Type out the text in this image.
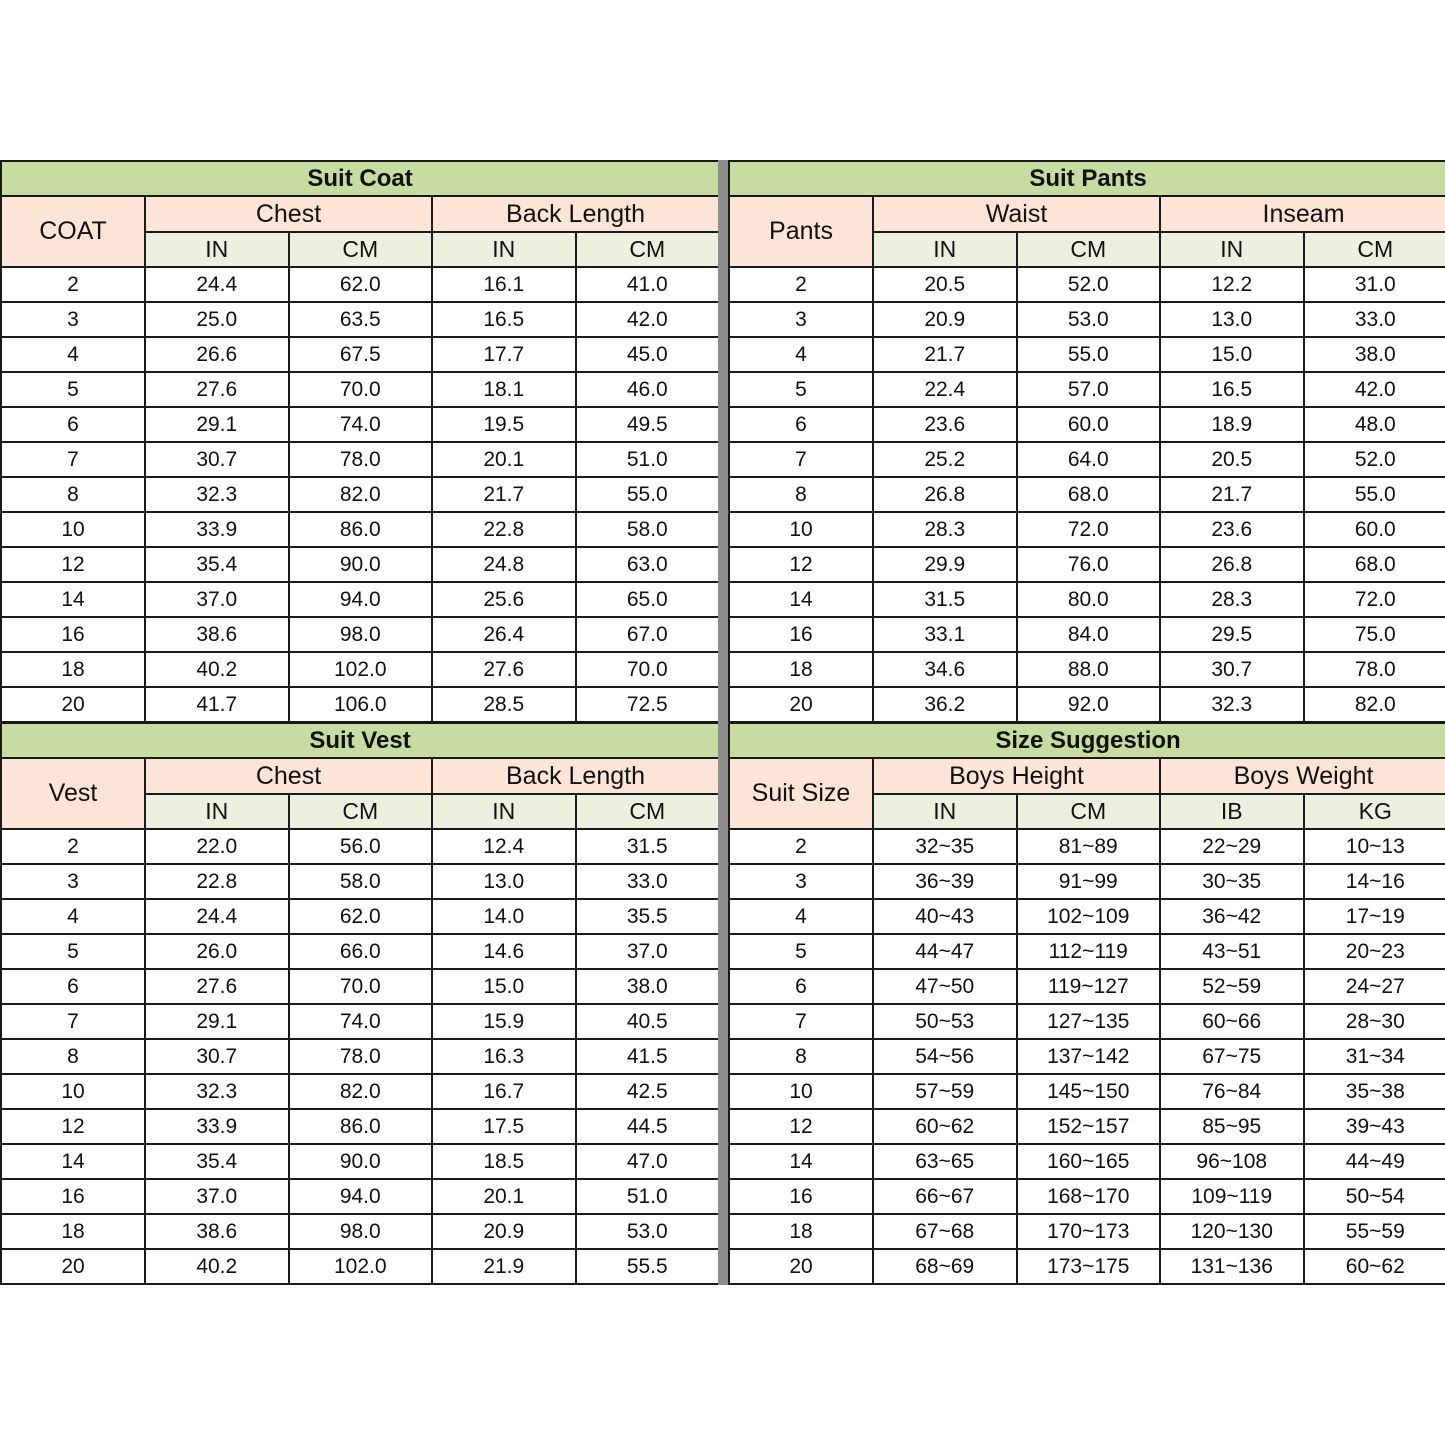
Suit Coat				
COAT	Chest		Back Length	
	IN	CM	IN	CM
2	24.4	62.0	16.1	41.0
3	25.0	63.5	16.5	42.0
4	26.6	67.5	17.7	45.0
5	27.6	70.0	18.1	46.0
6	29.1	74.0	19.5	49.5
7	30.7	78.0	20.1	51.0
8	32.3	82.0	21.7	55.0
10	33.9	86.0	22.8	58.0
12	35.4	90.0	24.8	63.0
14	37.0	94.0	25.6	65.0
16	38.6	98.0	26.4	67.0
18	40.2	102.0	27.6	70.0
20	41.7	106.0	28.5	72.5
Suit Pants				
Pants	Waist		Inseam	
	IN	CM	IN	CM
2	20.5	52.0	12.2	31.0
3	20.9	53.0	13.0	33.0
4	21.7	55.0	15.0	38.0
5	22.4	57.0	16.5	42.0
6	23.6	60.0	18.9	48.0
7	25.2	64.0	20.5	52.0
8	26.8	68.0	21.7	55.0
10	28.3	72.0	23.6	60.0
12	29.9	76.0	26.8	68.0
14	31.5	80.0	28.3	72.0
16	33.1	84.0	29.5	75.0
18	34.6	88.0	30.7	78.0
20	36.2	92.0	32.3	82.0
Suit Vest				
Vest	Chest		Back Length	
	IN	CM	IN	CM
2	22.0	56.0	12.4	31.5
3	22.8	58.0	13.0	33.0
4	24.4	62.0	14.0	35.5
5	26.0	66.0	14.6	37.0
6	27.6	70.0	15.0	38.0
7	29.1	74.0	15.9	40.5
8	30.7	78.0	16.3	41.5
10	32.3	82.0	16.7	42.5
12	33.9	86.0	17.5	44.5
14	35.4	90.0	18.5	47.0
16	37.0	94.0	20.1	51.0
18	38.6	98.0	20.9	53.0
20	40.2	102.0	21.9	55.5
Size Suggestion				
Suit Size	Boys Height		Boys Weight	
	IN	CM	IB	KG
2	32~35	81~89	22~29	10~13
3	36~39	91~99	30~35	14~16
4	40~43	102~109	36~42	17~19
5	44~47	112~119	43~51	20~23
6	47~50	119~127	52~59	24~27
7	50~53	127~135	60~66	28~30
8	54~56	137~142	67~75	31~34
10	57~59	145~150	76~84	35~38
12	60~62	152~157	85~95	39~43
14	63~65	160~165	96~108	44~49
16	66~67	168~170	109~119	50~54
18	67~68	170~173	120~130	55~59
20	68~69	173~175	131~136	60~62
